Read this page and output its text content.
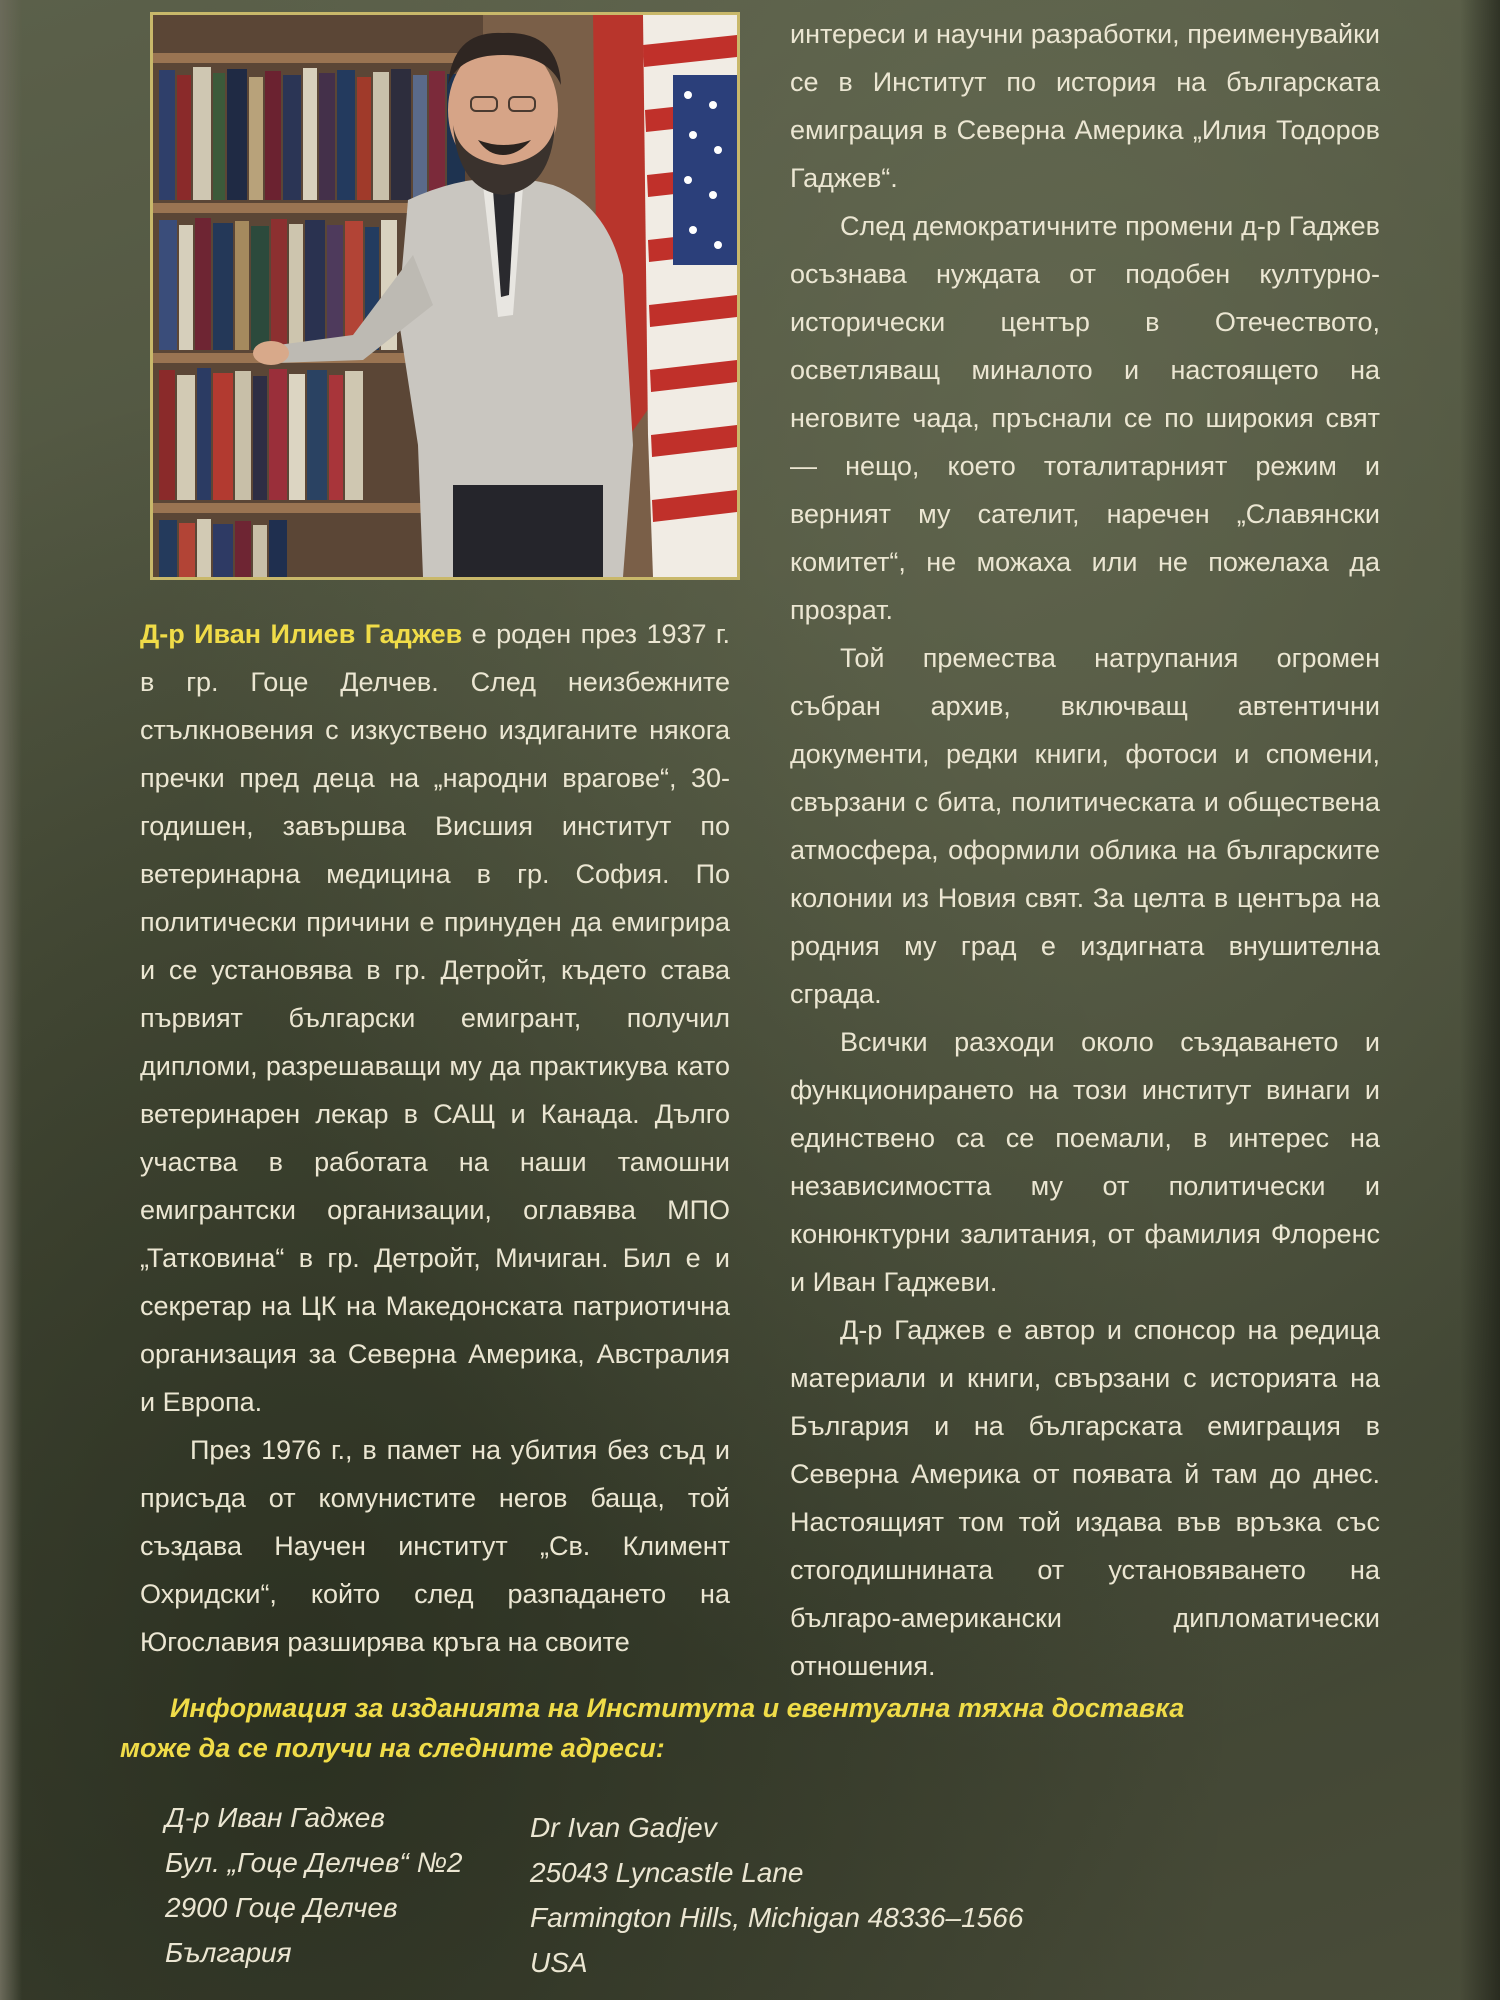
Д-р Иван Илиев Гаджев е роден през 1937 г. в гр. Гоце Делчев. След неизбежните стълкновения с изкуствено издиганите някога пречки пред деца на „народни врагове“, 30-годишен, завършва Висшия институт по ветеринарна медицина в гр. София. По политически причини е принуден да емигрира и се установява в гр. Детройт, където става първият български емигрант, получил дипломи, разрешаващи му да практикува като ветеринарен лекар в САЩ и Канада. Дълго участва в работата на наши тамошни емигрантски организации, оглавява МПО „Татковина“ в гр. Детройт, Мичиган. Бил е и секретар на ЦК на Македонската патриотична организация за Северна Америка, Австралия и Европа.

През 1976 г., в памет на убития без съд и присъда от комунистите негов баща, той създава Научен институт „Св. Климент Охридски“, който след разпадането на Югославия разширява кръга на своите

интереси и научни разработки, преименувайки се в Институт по история на българската емиграция в Северна Америка „Илия Тодоров Гаджев“.

След демократичните промени д-р Гаджев осъзнава нуждата от подобен културно-исторически център в Отечеството, осветляващ миналото и настоящето на неговите чада, пръснали се по широкия свят — нещо, което тоталитарният режим и верният му сателит, наречен „Славянски комитет“, не можаха или не пожелаха да прозрат.

Той премества натрупания огромен събран архив, включващ автентични документи, редки книги, фотоси и спомени, свързани с бита, политическата и обществена атмосфера, оформили облика на българските колонии из Новия свят. За целта в центъра на родния му град е издигната внушителна сграда.

Всички разходи около създаването и функционирането на този институт винаги и единствено са се поемали, в интерес на независимостта му от политически и конюнктурни залитания, от фамилия Флоренс и Иван Гаджеви.

Д-р Гаджев е автор и спонсор на редица материали и книги, свързани с историята на България и на българската емиграция в Северна Америка от появата й там до днес. Настоящият том той издава във връзка със стогодишнината от установяването на българо-американски дипломатически отношения.

Информация за изданията на Института и евентуална тяхна доставка
може да се получи на следните адреси:
Д-р Иван Гаджев
Бул. „Гоце Делчев“ №2
2900 Гоце Делчев
България
Dr Ivan Gadjev
25043 Lyncastle Lane
Farmington Hills, Michigan 48336–1566
USA
